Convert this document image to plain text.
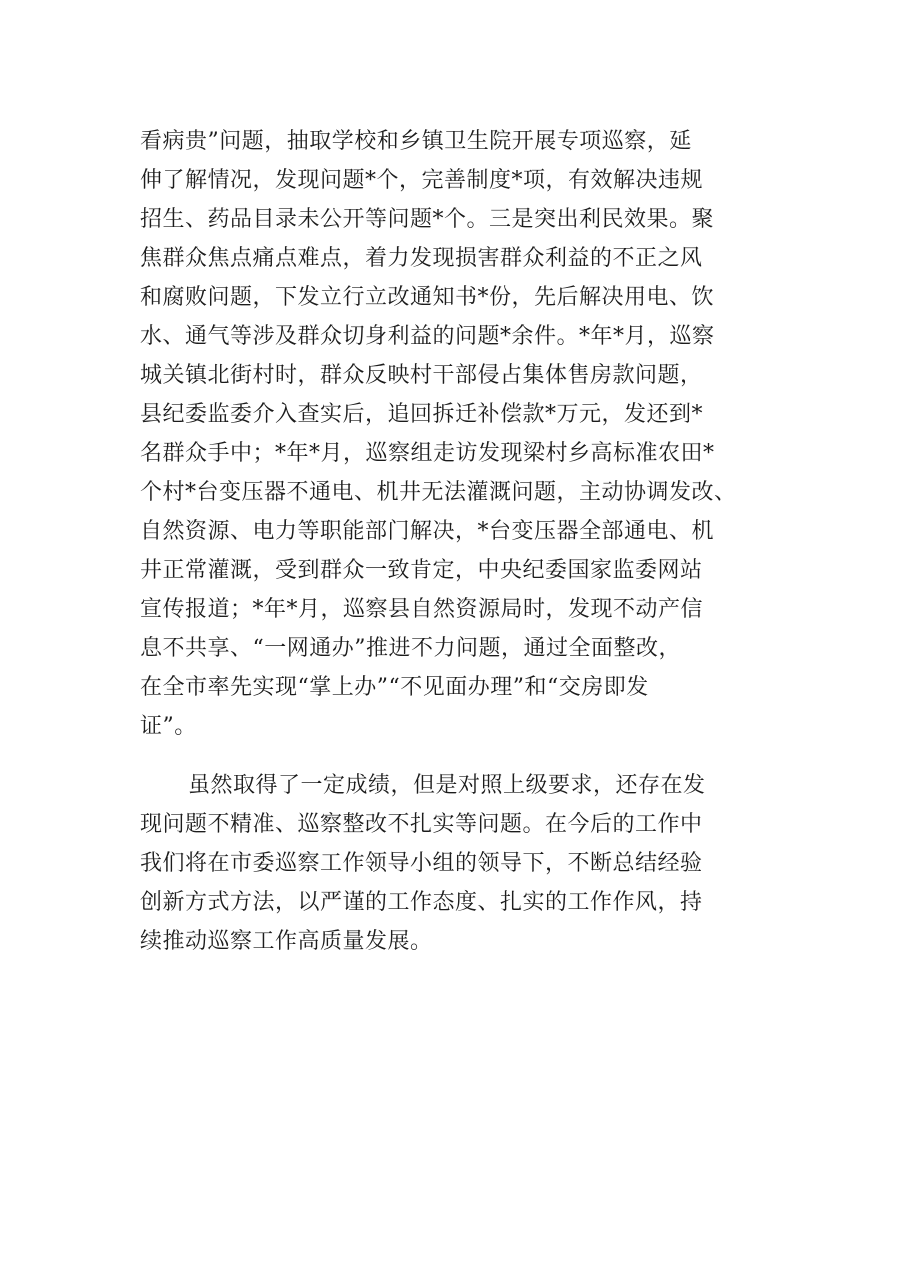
看病贵”问题，抽取学校和乡镇卫生院开展专项巡察，延
伸了解情况，发现问题*个，完善制度*项，有效解决违规
招生、药品目录未公开等问题*个。三是突出利民效果。聚
焦群众焦点痛点难点，着力发现损害群众利益的不正之风
和腐败问题，下发立行立改通知书*份，先后解决用电、饮
水、通气等涉及群众切身利益的问题*余件。*年*月，巡察
城关镇北街村时，群众反映村干部侵占集体售房款问题，
县纪委监委介入查实后，追回拆迁补偿款*万元，发还到*
名群众手中；*年*月，巡察组走访发现梁村乡高标准农田*
个村*台变压器不通电、机井无法灌溉问题，主动协调发改、
自然资源、电力等职能部门解决，*台变压器全部通电、机
井正常灌溉，受到群众一致肯定，中央纪委国家监委网站
宣传报道；*年*月，巡察县自然资源局时，发现不动产信
息不共享、“一网通办”推进不力问题，通过全面整改，
在全市率先实现“掌上办”“不见面办理”和“交房即发
证”。
虽然取得了一定成绩，但是对照上级要求，还存在发
现问题不精准、巡察整改不扎实等问题。在今后的工作中
我们将在市委巡察工作领导小组的领导下，不断总结经验
创新方式方法，以严谨的工作态度、扎实的工作作风，持
续推动巡察工作高质量发展。
